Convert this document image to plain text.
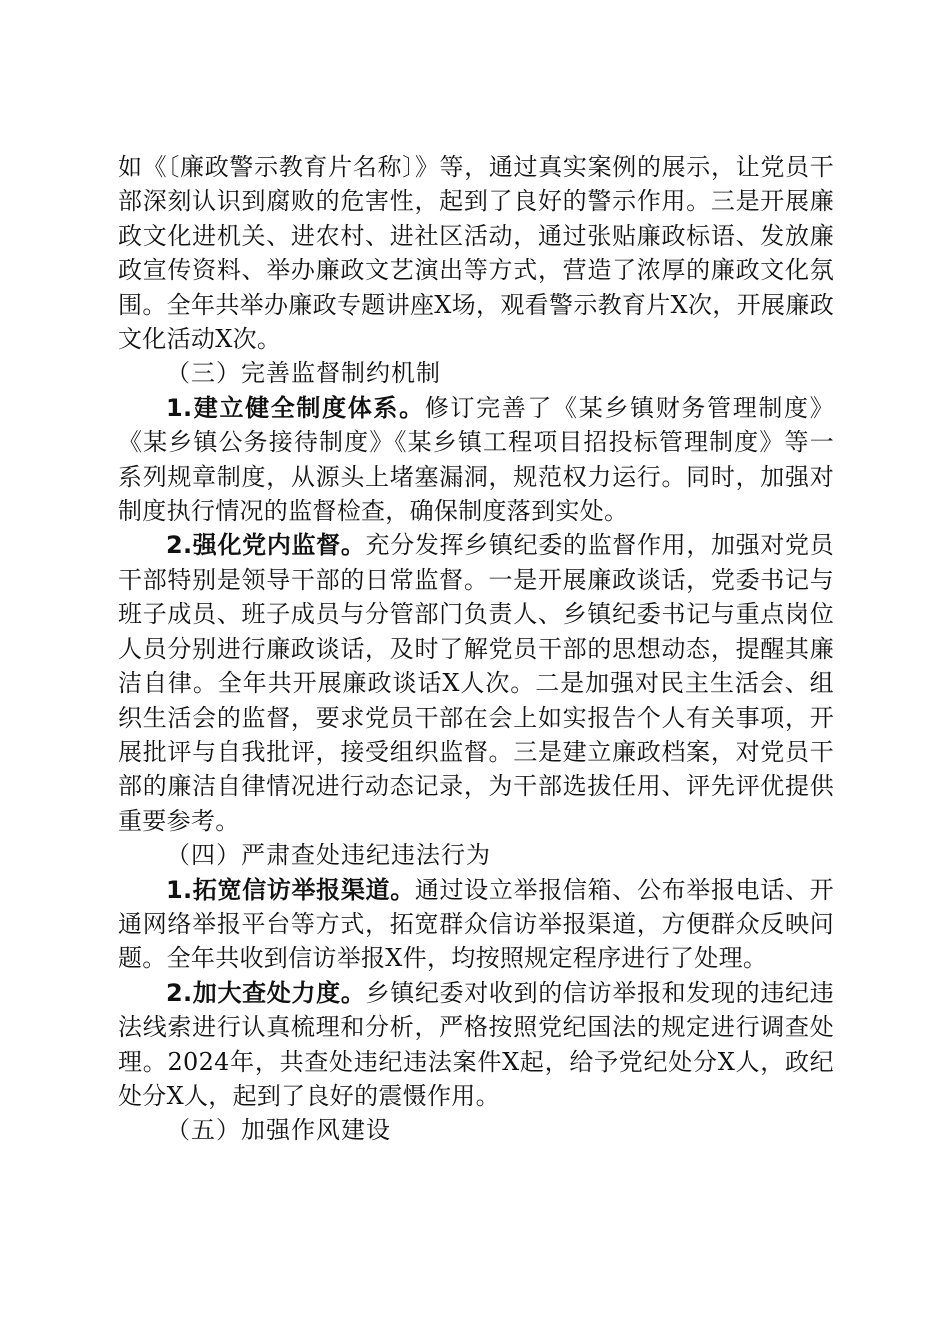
如《〔廉政警示教育片名称〕》等，通过真实案例的展示，让党员干部深刻认识到腐败的危害性，起到了良好的警示作用。三是开展廉政文化进机关、进农村、进社区活动，通过张贴廉政标语、发放廉政宣传资料、举办廉政文艺演出等方式，营造了浓厚的廉政文化氛围。全年共举办廉政专题讲座X场，观看警示教育片X次，开展廉政文化活动X次。

（三）完善监督制约机制

1.建立健全制度体系。修订完善了《某乡镇财务管理制度》《某乡镇公务接待制度》《某乡镇工程项目招投标管理制度》等一系列规章制度，从源头上堵塞漏洞，规范权力运行。同时，加强对制度执行情况的监督检查，确保制度落到实处。

2.强化党内监督。充分发挥乡镇纪委的监督作用，加强对党员干部特别是领导干部的日常监督。一是开展廉政谈话，党委书记与班子成员、班子成员与分管部门负责人、乡镇纪委书记与重点岗位人员分别进行廉政谈话，及时了解党员干部的思想动态，提醒其廉洁自律。全年共开展廉政谈话X人次。二是加强对民主生活会、组织生活会的监督，要求党员干部在会上如实报告个人有关事项，开展批评与自我批评，接受组织监督。三是建立廉政档案，对党员干部的廉洁自律情况进行动态记录，为干部选拔任用、评先评优提供重要参考。

（四）严肃查处违纪违法行为

1.拓宽信访举报渠道。通过设立举报信箱、公布举报电话、开通网络举报平台等方式，拓宽群众信访举报渠道，方便群众反映问题。全年共收到信访举报X件，均按照规定程序进行了处理。

2.加大查处力度。乡镇纪委对收到的信访举报和发现的违纪违法线索进行认真梳理和分析，严格按照党纪国法的规定进行调查处理。2024年，共查处违纪违法案件X起，给予党纪处分X人，政纪处分X人，起到了良好的震慑作用。

（五）加强作风建设
